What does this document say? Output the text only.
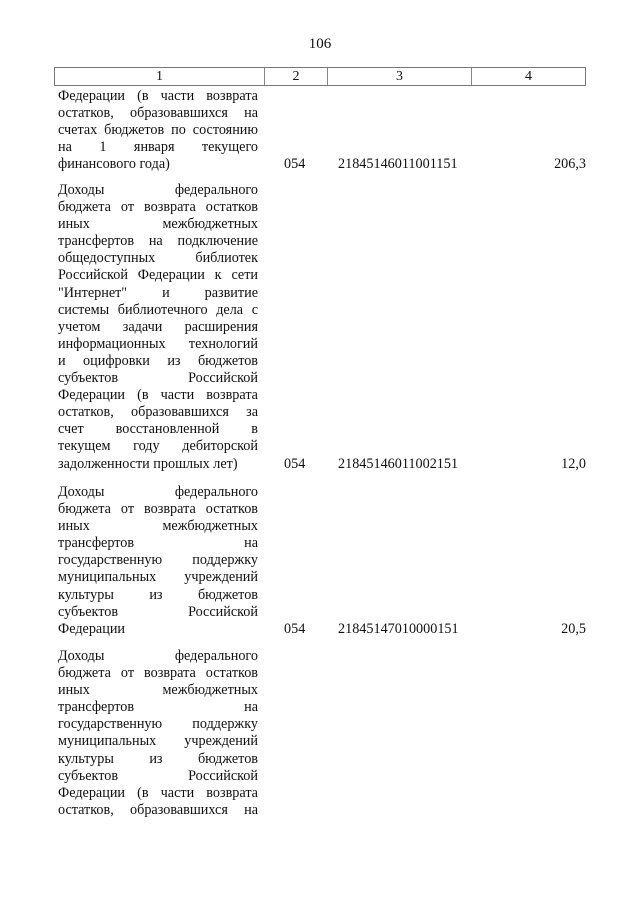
106
1	2	3	4
Федерации (в части возврата
остатков, образовавшихся на
счетах бюджетов по состоянию
на 1 января текущего
финансового года)	054 21845146011001151	206,3
Доходы федерального
бюджета от возврата остатков
иных межбюджетных
трансфертов на подключение
общедоступных библиотек
Российской Федерации к сети
"Интернет" и развитие
системы библиотечного дела с
учетом задачи расширения
информационных технологий
и оцифровки из бюджетов
субъектов Российской
Федерации (в части возврата
остатков, образовавшихся за
счет восстановленной в
текущем году дебиторской
задолженности прошлых лет)	054 21845146011002151	12,0
Доходы федерального
бюджета от возврата остатков
иных межбюджетных
трансфертов на
государственную поддержку
муниципальных учреждений
культуры из бюджетов
субъектов Российской
Федерации	054 21845147010000151	20,5
Доходы федерального
бюджета от возврата остатков
иных межбюджетных
трансфертов на
государственную поддержку
муниципальных учреждений
культуры из бюджетов
субъектов Российской
Федерации (в части возврата
остатков, образовавшихся на
